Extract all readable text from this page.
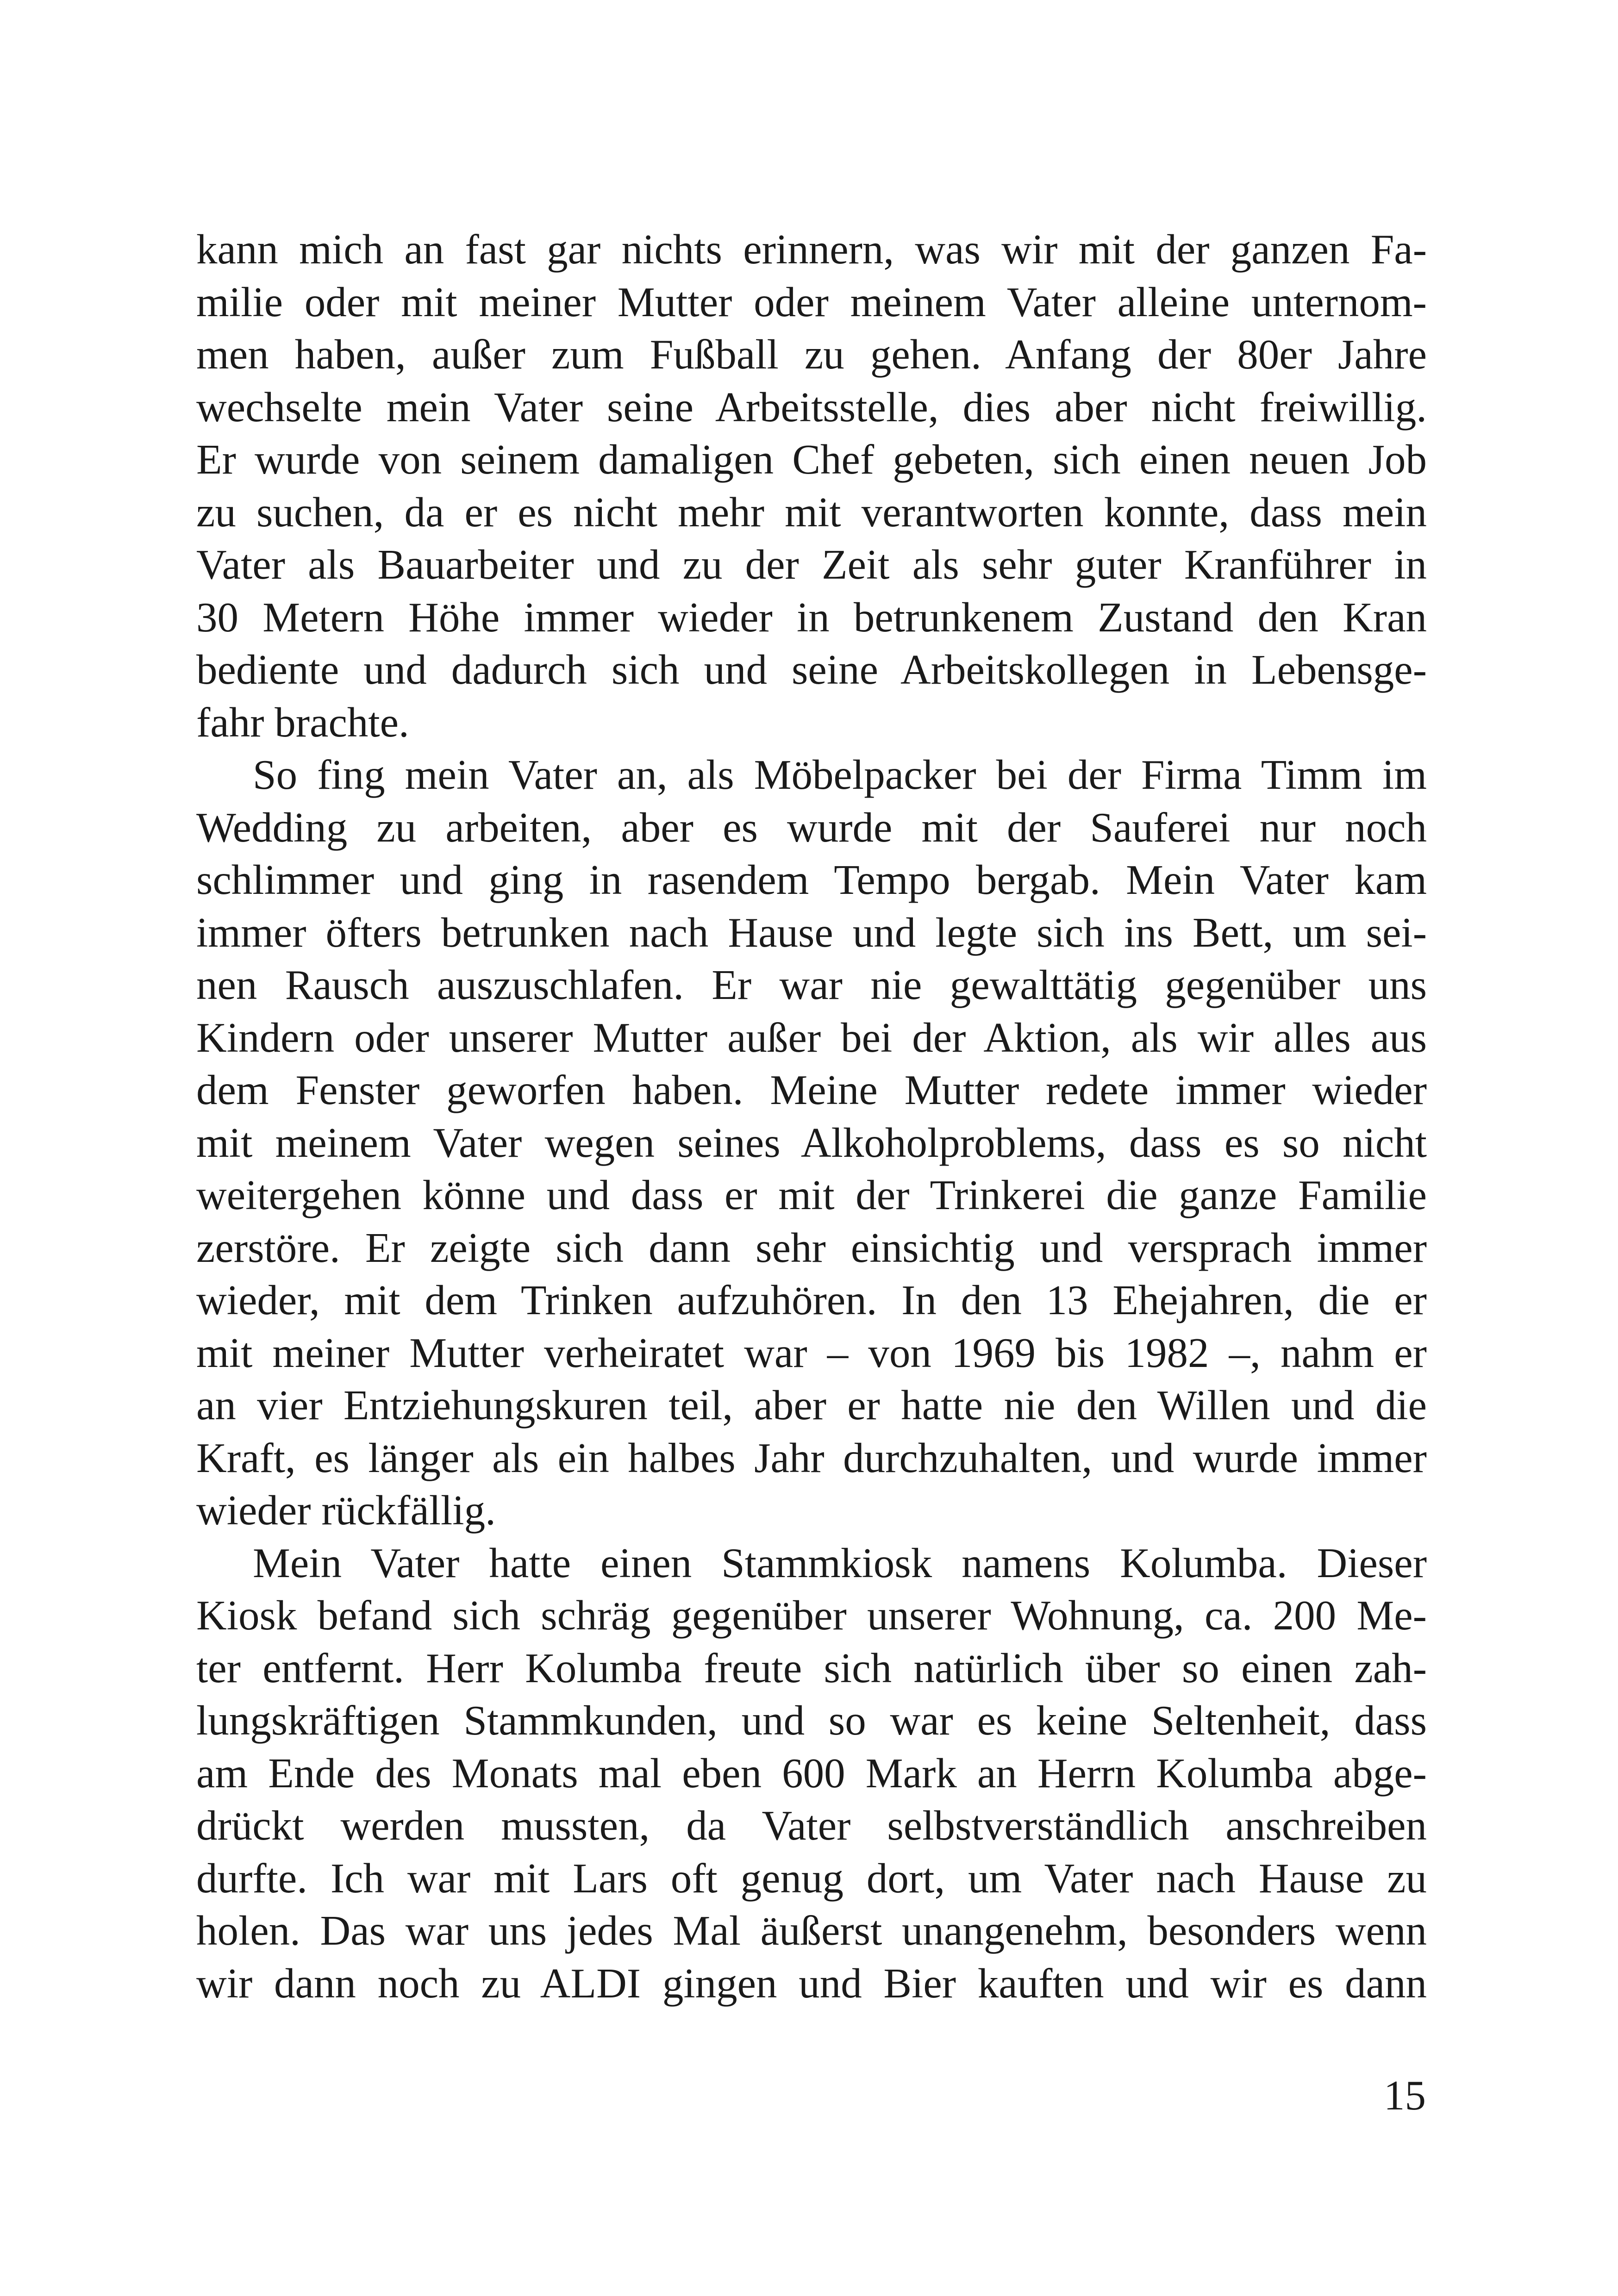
kann mich an fast gar nichts erinnern, was wir mit der ganzen Fa-
milie oder mit meiner Mutter oder meinem Vater alleine unternom-
men haben, außer zum Fußball zu gehen. Anfang der 80er Jahre
wechselte mein Vater seine Arbeitsstelle, dies aber nicht freiwillig.
Er wurde von seinem damaligen Chef gebeten, sich einen neuen Job
zu suchen, da er es nicht mehr mit verantworten konnte, dass mein
Vater als Bauarbeiter und zu der Zeit als sehr guter Kranführer in
30 Metern Höhe immer wieder in betrunkenem Zustand den Kran
bediente und dadurch sich und seine Arbeitskollegen in Lebensge-
fahr brachte.
So fing mein Vater an, als Möbelpacker bei der Firma Timm im
Wedding zu arbeiten, aber es wurde mit der Sauferei nur noch
schlimmer und ging in rasendem Tempo bergab. Mein Vater kam
immer öfters betrunken nach Hause und legte sich ins Bett, um sei-
nen Rausch auszuschlafen. Er war nie gewalttätig gegenüber uns
Kindern oder unserer Mutter außer bei der Aktion, als wir alles aus
dem Fenster geworfen haben. Meine Mutter redete immer wieder
mit meinem Vater wegen seines Alkoholproblems, dass es so nicht
weitergehen könne und dass er mit der Trinkerei die ganze Familie
zerstöre. Er zeigte sich dann sehr einsichtig und versprach immer
wieder, mit dem Trinken aufzuhören. In den 13 Ehejahren, die er
mit meiner Mutter verheiratet war – von 1969 bis 1982 –, nahm er
an vier Entziehungskuren teil, aber er hatte nie den Willen und die
Kraft, es länger als ein halbes Jahr durchzuhalten, und wurde immer
wieder rückfällig.
Mein Vater hatte einen Stammkiosk namens Kolumba. Dieser
Kiosk befand sich schräg gegenüber unserer Wohnung, ca. 200 Me-
ter entfernt. Herr Kolumba freute sich natürlich über so einen zah-
lungskräftigen Stammkunden, und so war es keine Seltenheit, dass
am Ende des Monats mal eben 600 Mark an Herrn Kolumba abge-
drückt werden mussten, da Vater selbstverständlich anschreiben
durfte. Ich war mit Lars oft genug dort, um Vater nach Hause zu
holen. Das war uns jedes Mal äußerst unangenehm, besonders wenn
wir dann noch zu ALDI gingen und Bier kauften und wir es dann
15
